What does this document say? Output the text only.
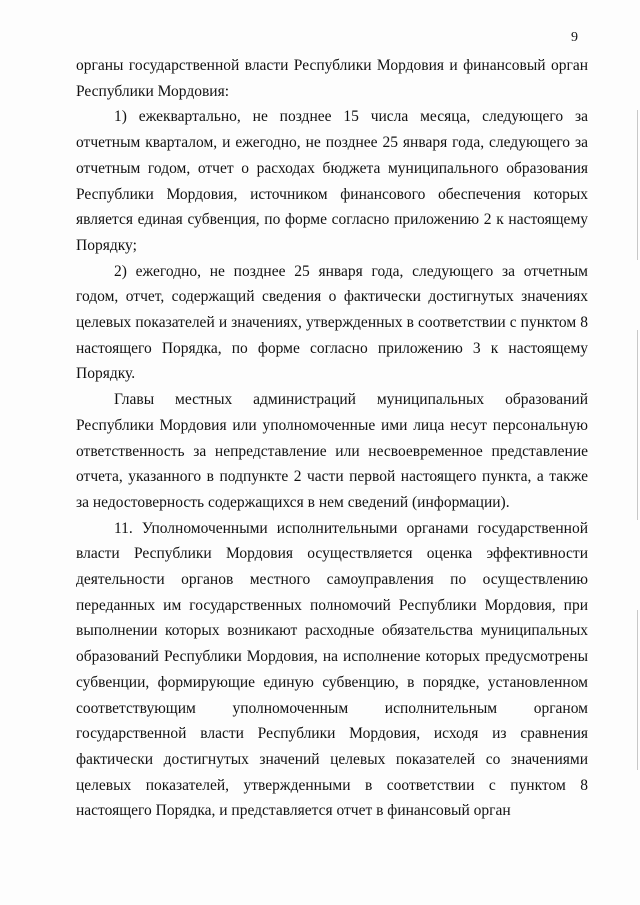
9

органы государственной власти Республики Мордовия и финансовый орган Республики Мордовия:

1) ежеквартально, не позднее 15 числа месяца, следующего за отчетным кварталом, и ежегодно, не позднее 25 января года, следующего за отчетным годом, отчет о расходах бюджета муниципального образования Республики Мордовия, источником финансового обеспечения которых является единая субвенция, по форме согласно приложению 2 к настоящему Порядку;

2) ежегодно, не позднее 25 января года, следующего за отчетным годом, отчет, содержащий сведения о фактически достигнутых значениях целевых показателей и значениях, утвержденных в соответствии с пунктом 8 настоящего Порядка, по форме согласно приложению 3 к настоящему Порядку.

Главы местных администраций муниципальных образований Республики Мордовия или уполномоченные ими лица несут персональную ответственность за непредставление или несвоевременное представление отчета, указанного в подпункте 2 части первой настоящего пункта, а также за недостоверность содержащихся в нем сведений (информации).

11. Уполномоченными исполнительными органами государственной власти Республики Мордовия осуществляется оценка эффективности деятельности органов местного самоуправления по осуществлению переданных им государственных полномочий Республики Мордовия, при выполнении которых возникают расходные обязательства муниципальных образований Республики Мордовия, на исполнение которых предусмотрены субвенции, формирующие единую субвенцию, в порядке, установленном соответствующим уполномоченным исполнительным органом государственной власти Республики Мордовия, исходя из сравнения фактически достигнутых значений целевых показателей со значениями целевых показателей, утвержденными в соответствии с пунктом 8 настоящего Порядка, и представляется отчет в финансовый орган
